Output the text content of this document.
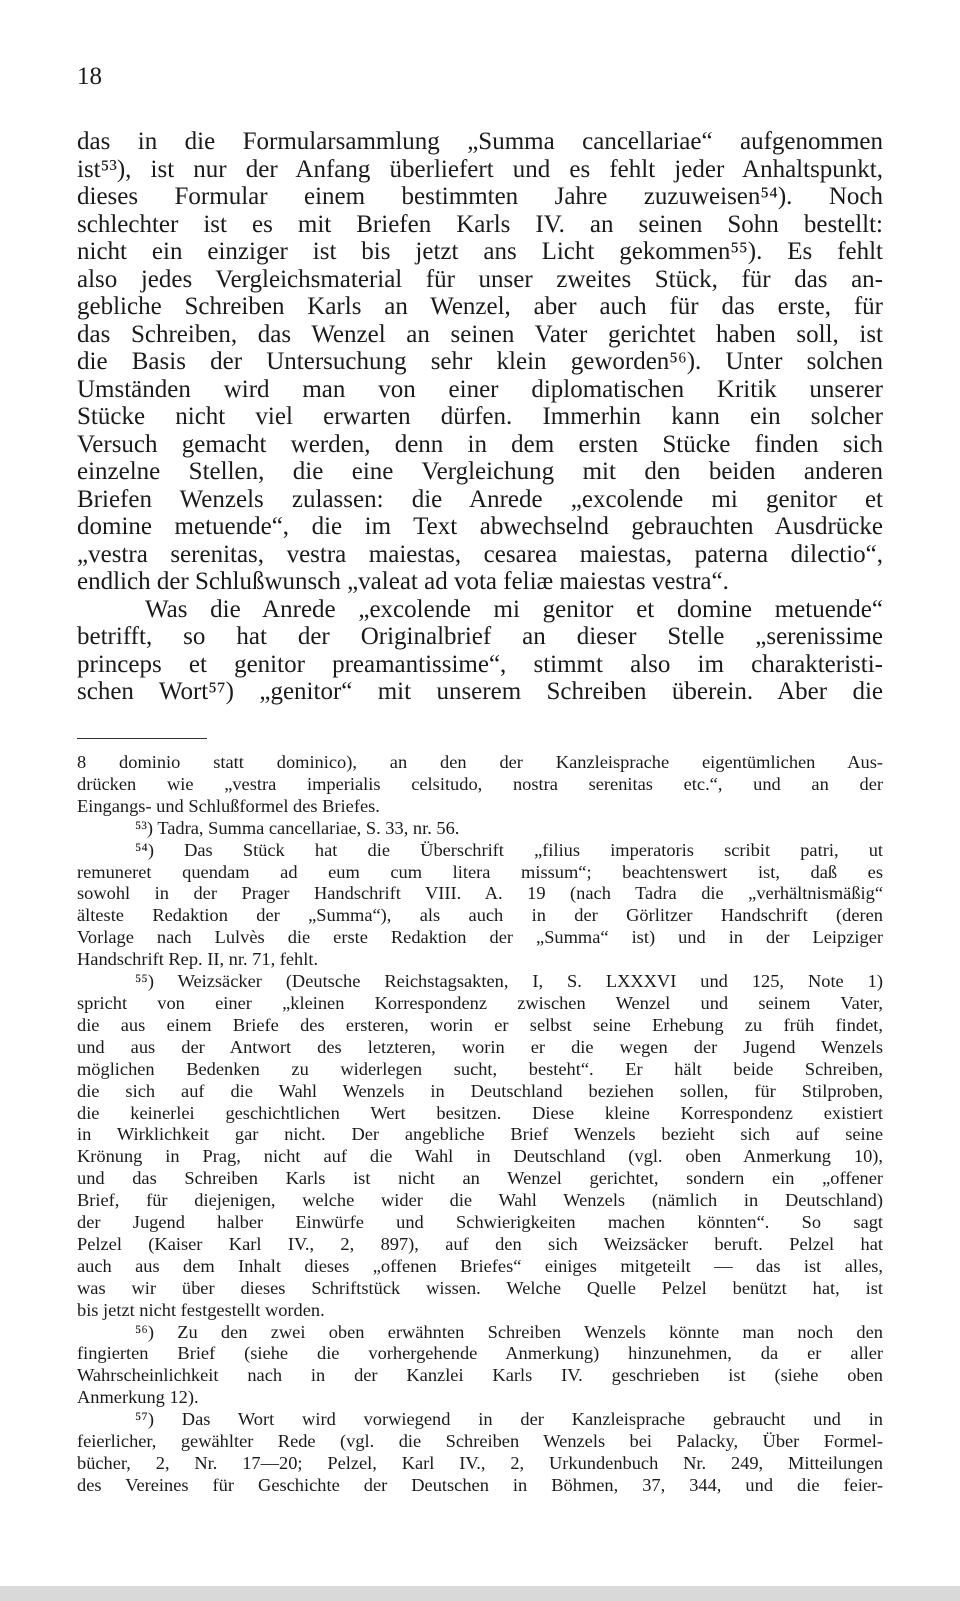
18
das in die Formularsammlung „Summa cancellariae“ aufgenommen
ist⁵³), ist nur der Anfang überliefert und es fehlt jeder Anhaltspunkt,
dieses Formular einem bestimmten Jahre zuzuweisen⁵⁴). Noch
schlechter ist es mit Briefen Karls IV. an seinen Sohn bestellt:
nicht ein einziger ist bis jetzt ans Licht gekommen⁵⁵). Es fehlt
also jedes Vergleichsmaterial für unser zweites Stück, für das an-
gebliche Schreiben Karls an Wenzel, aber auch für das erste, für
das Schreiben, das Wenzel an seinen Vater gerichtet haben soll, ist
die Basis der Untersuchung sehr klein geworden⁵⁶). Unter solchen
Umständen wird man von einer diplomatischen Kritik unserer
Stücke nicht viel erwarten dürfen. Immerhin kann ein solcher
Versuch gemacht werden, denn in dem ersten Stücke finden sich
einzelne Stellen, die eine Vergleichung mit den beiden anderen
Briefen Wenzels zulassen: die Anrede „excolende mi genitor et
domine metuende“, die im Text abwechselnd gebrauchten Ausdrücke
„vestra serenitas, vestra maiestas, cesarea maiestas, paterna dilectio“,
endlich der Schlußwunsch „valeat ad vota feliæ maiestas vestra“.
Was die Anrede „excolende mi genitor et domine metuende“
betrifft, so hat der Originalbrief an dieser Stelle „serenissime
princeps et genitor preamantissime“, stimmt also im charakteristi-
schen Wort⁵⁷) „genitor“ mit unserem Schreiben überein. Aber die
8 dominio statt dominico), an den der Kanzleisprache eigentümlichen Aus-
drücken wie „vestra imperialis celsitudo, nostra serenitas etc.“, und an der
Eingangs- und Schlußformel des Briefes.
⁵³) Tadra, Summa cancellariae, S. 33, nr. 56.
⁵⁴) Das Stück hat die Überschrift „filius imperatoris scribit patri, ut
remuneret quendam ad eum cum litera missum“; beachtenswert ist, daß es
sowohl in der Prager Handschrift VIII. A. 19 (nach Tadra die „verhältnismäßig“
älteste Redaktion der „Summa“), als auch in der Görlitzer Handschrift (deren
Vorlage nach Lulvès die erste Redaktion der „Summa“ ist) und in der Leipziger
Handschrift Rep. II, nr. 71, fehlt.
⁵⁵) Weizsäcker (Deutsche Reichstagsakten, I, S. LXXXVI und 125, Note 1)
spricht von einer „kleinen Korrespondenz zwischen Wenzel und seinem Vater,
die aus einem Briefe des ersteren, worin er selbst seine Erhebung zu früh findet,
und aus der Antwort des letzteren, worin er die wegen der Jugend Wenzels
möglichen Bedenken zu widerlegen sucht, besteht“. Er hält beide Schreiben,
die sich auf die Wahl Wenzels in Deutschland beziehen sollen, für Stilproben,
die keinerlei geschichtlichen Wert besitzen. Diese kleine Korrespondenz existiert
in Wirklichkeit gar nicht. Der angebliche Brief Wenzels bezieht sich auf seine
Krönung in Prag, nicht auf die Wahl in Deutschland (vgl. oben Anmerkung 10),
und das Schreiben Karls ist nicht an Wenzel gerichtet, sondern ein „offener
Brief, für diejenigen, welche wider die Wahl Wenzels (nämlich in Deutschland)
der Jugend halber Einwürfe und Schwierigkeiten machen könnten“. So sagt
Pelzel (Kaiser Karl IV., 2, 897), auf den sich Weizsäcker beruft. Pelzel hat
auch aus dem Inhalt dieses „offenen Briefes“ einiges mitgeteilt — das ist alles,
was wir über dieses Schriftstück wissen. Welche Quelle Pelzel benützt hat, ist
bis jetzt nicht festgestellt worden.
⁵⁶) Zu den zwei oben erwähnten Schreiben Wenzels könnte man noch den
fingierten Brief (siehe die vorhergehende Anmerkung) hinzunehmen, da er aller
Wahrscheinlichkeit nach in der Kanzlei Karls IV. geschrieben ist (siehe oben
Anmerkung 12).
⁵⁷) Das Wort wird vorwiegend in der Kanzleisprache gebraucht und in
feierlicher, gewählter Rede (vgl. die Schreiben Wenzels bei Palacky, Über Formel-
bücher, 2, Nr. 17—20; Pelzel, Karl IV., 2, Urkundenbuch Nr. 249, Mitteilungen
des Vereines für Geschichte der Deutschen in Böhmen, 37, 344, und die feier-
